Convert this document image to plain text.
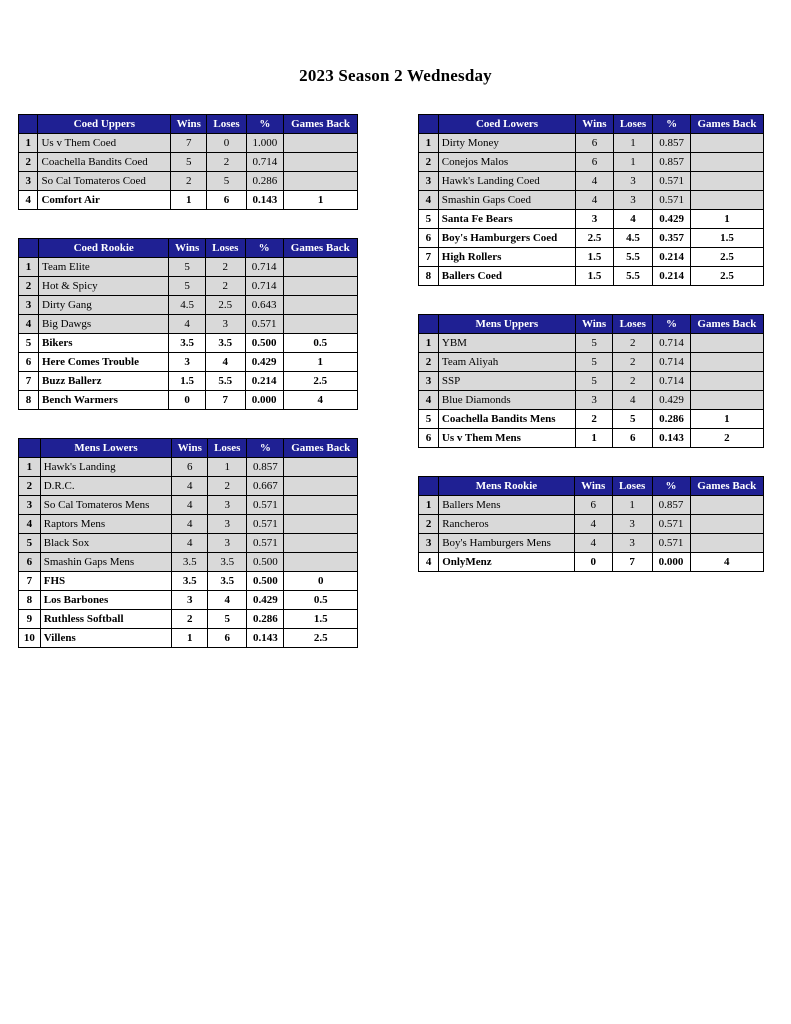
2023 Season 2 Wednesday
	Coed Uppers	Wins	Loses	%	Games Back
1	Us v Them Coed	7	0	1.000	
2	Coachella Bandits Coed	5	2	0.714	
3	So Cal Tomateros Coed	2	5	0.286	
4	Comfort Air	1	6	0.143	1
	Coed Rookie	Wins	Loses	%	Games Back
1	Team Elite	5	2	0.714	
2	Hot & Spicy	5	2	0.714	
3	Dirty Gang	4.5	2.5	0.643	
4	Big Dawgs	4	3	0.571	
5	Bikers	3.5	3.5	0.500	0.5
6	Here Comes Trouble	3	4	0.429	1
7	Buzz Ballerz	1.5	5.5	0.214	2.5
8	Bench Warmers	0	7	0.000	4
	Mens Lowers	Wins	Loses	%	Games Back
1	Hawk's Landing	6	1	0.857	
2	D.R.C.	4	2	0.667	
3	So Cal Tomateros Mens	4	3	0.571	
4	Raptors Mens	4	3	0.571	
5	Black Sox	4	3	0.571	
6	Smashin Gaps Mens	3.5	3.5	0.500	
7	FHS	3.5	3.5	0.500	0
8	Los Barbones	3	4	0.429	0.5
9	Ruthless Softball	2	5	0.286	1.5
10	Villens	1	6	0.143	2.5
	Coed Lowers	Wins	Loses	%	Games Back
1	Dirty Money	6	1	0.857	
2	Conejos Malos	6	1	0.857	
3	Hawk's Landing Coed	4	3	0.571	
4	Smashin Gaps Coed	4	3	0.571	
5	Santa Fe Bears	3	4	0.429	1
6	Boy's Hamburgers Coed	2.5	4.5	0.357	1.5
7	High Rollers	1.5	5.5	0.214	2.5
8	Ballers Coed	1.5	5.5	0.214	2.5
	Mens Uppers	Wins	Loses	%	Games Back
1	YBM	5	2	0.714	
2	Team Aliyah	5	2	0.714	
3	SSP	5	2	0.714	
4	Blue Diamonds	3	4	0.429	
5	Coachella Bandits Mens	2	5	0.286	1
6	Us v Them Mens	1	6	0.143	2
	Mens Rookie	Wins	Loses	%	Games Back
1	Ballers Mens	6	1	0.857	
2	Rancheros	4	3	0.571	
3	Boy's Hamburgers Mens	4	3	0.571	
4	OnlyMenz	0	7	0.000	4
